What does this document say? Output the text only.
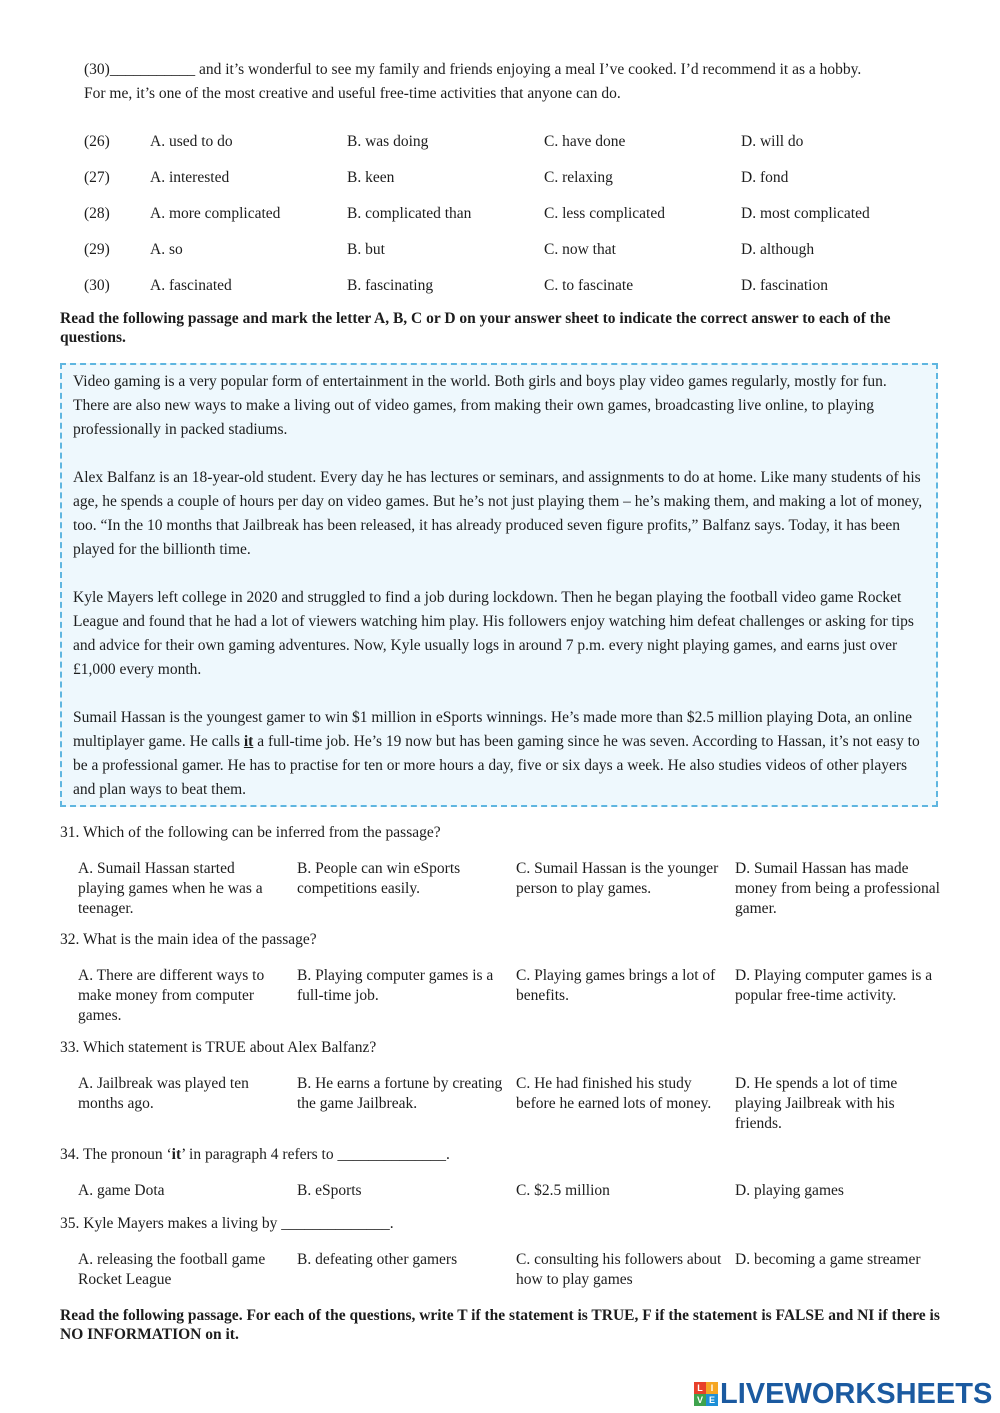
(30)___________ and it’s wonderful to see my family and friends enjoying a meal I’ve cooked. I’d recommend it as a hobby.
For me, it’s one of the most creative and useful free-time activities that anyone can do.
(26)	A. used to do	B. was doing	C. have done	D. will do
(27)	A. interested	B. keen	C. relaxing	D. fond
(28)	A. more complicated	B. complicated than	C. less complicated	D. most complicated
(29)	A. so	B. but	C. now that	D. although
(30)	A. fascinated	B. fascinating	C. to fascinate	D. fascination
Read the following passage and mark the letter A, B, C or D on your answer sheet to indicate the correct answer to each of the questions.

Video gaming is a very popular form of entertainment in the world. Both girls and boys play video games regularly, mostly for fun. There are also new ways to make a living out of video games, from making their own games, broadcasting live online, to playing professionally in packed stadiums.

Alex Balfanz is an 18-year-old student. Every day he has lectures or seminars, and assignments to do at home. Like many students of his age, he spends a couple of hours per day on video games. But he’s not just playing them – he’s making them, and making a lot of money, too. “In the 10 months that Jailbreak has been released, it has already produced seven figure profits,” Balfanz says. Today, it has been played for the billionth time.

Kyle Mayers left college in 2020 and struggled to find a job during lockdown. Then he began playing the football video game Rocket League and found that he had a lot of viewers watching him play. His followers enjoy watching him defeat challenges or asking for tips and advice for their own gaming adventures. Now, Kyle usually logs in around 7 p.m. every night playing games, and earns just over £1,000 every month.

Sumail Hassan is the youngest gamer to win $1 million in eSports winnings. He’s made more than $2.5 million playing Dota, an online multiplayer game. He calls it a full-time job. He’s 19 now but has been gaming since he was seven. According to Hassan, it’s not easy to be a professional gamer. He has to practise for ten or more hours a day, five or six days a week. He also studies videos of other players and plan ways to beat them.

31. Which of the following can be inferred from the passage?
A. Sumail Hassan started playing games when he was a teenager.
B. People can win eSports competitions easily.
C. Sumail Hassan is the younger person to play games.
D. Sumail Hassan has made money from being a professional gamer.
32. What is the main idea of the passage?
A. There are different ways to make money from computer games.
B. Playing computer games is a full-time job.
C. Playing games brings a lot of benefits.
D. Playing computer games is a popular free-time activity.
33. Which statement is TRUE about Alex Balfanz?
A. Jailbreak was played ten months ago.
B. He earns a fortune by creating the game Jailbreak.
C. He had finished his study before he earned lots of money.
D. He spends a lot of time playing Jailbreak with his friends.
34. The pronoun ‘it’ in paragraph 4 refers to ______________.
A. game Dota	B. eSports	C. $2.5 million	D. playing games
35. Kyle Mayers makes a living by ______________.
A. releasing the football game Rocket League
B. defeating other gamers	C. consulting his followers about how to play games
D. becoming a game streamer
Read the following passage. For each of the questions, write T if the statement is TRUE, F if the statement is FALSE and NI if there is NO INFORMATION on it.
L I
V E LIVEWORKSHEETS
